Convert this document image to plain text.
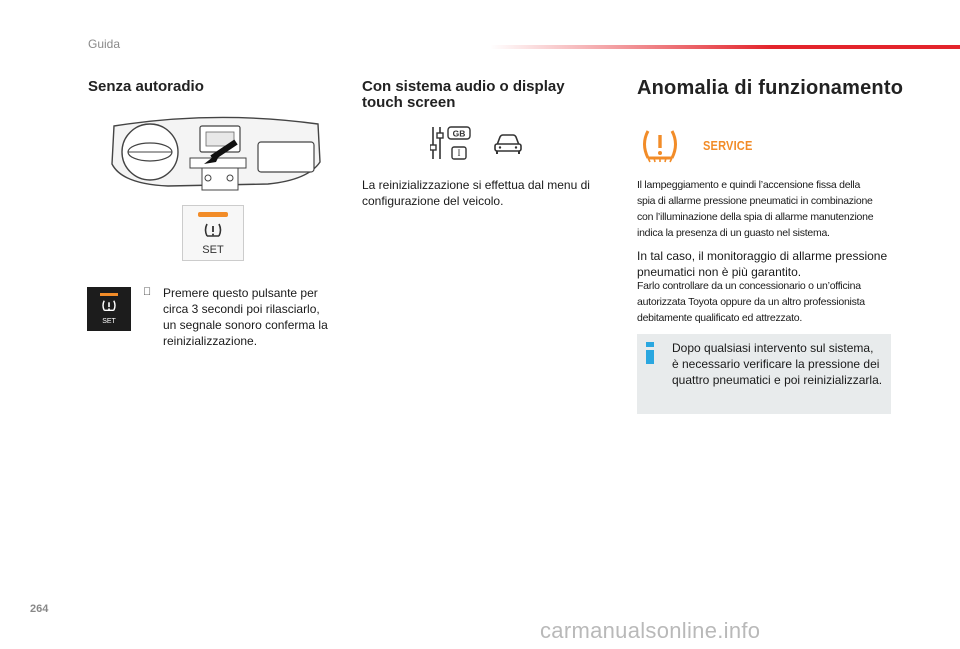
Guida
Senza autoradio
SET
SET
Premere questo pulsante per
circa 3 secondi poi rilasciarlo,
un segnale sonoro conferma la
reinizializzazione.
Con sistema audio o display
touch screen
GB
I
La reinizializzazione si effettua dal menu di
configurazione del veicolo.
Anomalia di funzionamento
SERVICE
Il lampeggiamento e quindi l’accensione fissa della
spia di allarme pressione pneumatici in combinazione
con l’illuminazione della spia di allarme manutenzione
indica la presenza di un guasto nel sistema.
In tal caso, il monitoraggio di allarme pressione
pneumatici non è più garantito.
Farlo controllare da un concessionario o un’officina
autorizzata Toyota oppure da un altro professionista
debitamente qualificato ed attrezzato.
Dopo qualsiasi intervento sul sistema,
è necessario verificare la pressione dei
quattro pneumatici e poi reinizializzarla.
264
carmanualsonline.info
